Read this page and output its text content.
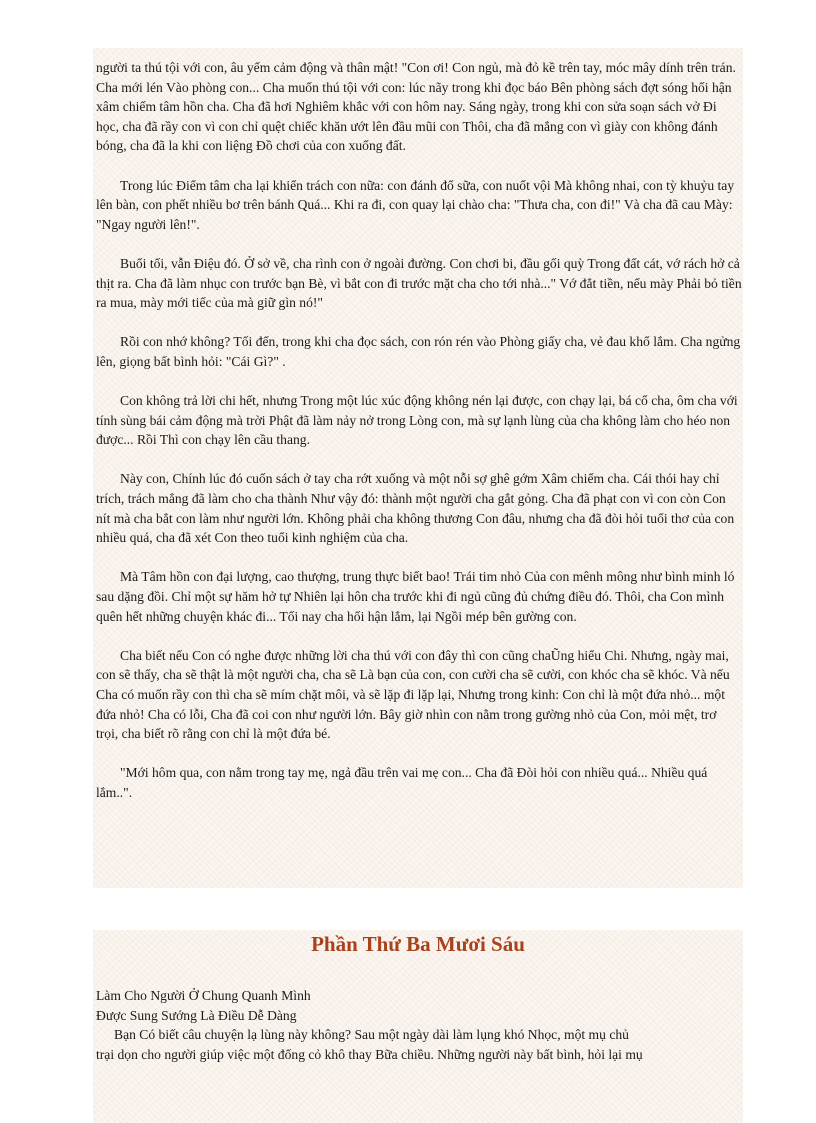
người ta thú tội với con, âu yếm cảm động và thân mật! "Con ơi! Con ngủ, mà đỏ kề trên tay, móc mây dính trên trán. Cha mới lén Vào phòng con... Cha muốn thú tội với con: lúc nãy trong khi đọc báo Bên phòng sách đợt sóng hối hận xâm chiếm tâm hồn cha. Cha đã hơi Nghiêm khắc với con hôm nay. Sáng ngày, trong khi con sửa soạn sách vở Đi học, cha đã rầy con vì con chỉ quệt chiếc khăn ướt lên đầu mũi con Thôi, cha đã mắng con vì giày con không đánh bóng, cha đã la khi con liệng Đồ chơi của con xuống đất.

Trong lúc Điểm tâm cha lại khiển trách con nữa: con đánh đổ sữa, con nuốt vội Mà không nhai, con tỳ khuỷu tay lên bàn, con phết nhiều bơ trên bánh Quá... Khi ra đi, con quay lại chào cha: "Thưa cha, con đi!" Và cha đã cau Mày: "Ngay người lên!".

Buổi tối, vẫn Điệu đó. Ở sở về, cha rình con ở ngoài đường. Con chơi bi, đầu gối quỳ Trong đất cát, vớ rách hở cả thịt ra. Cha đã làm nhục con trước bạn Bè, vì bắt con đi trước mặt cha cho tới nhà..." Vớ đắt tiền, nếu mày Phải bỏ tiền ra mua, mày mới tiếc của mà giữ gìn nó!"

Rồi con nhớ không? Tối đến, trong khi cha đọc sách, con rón rén vào Phòng giấy cha, vẻ đau khổ lắm. Cha ngửng lên, giọng bất bình hỏi: "Cái Gì?" .

Con không trả lời chi hết, nhưng Trong một lúc xúc động không nén lại được, con chạy lại, bá cổ cha, ôm cha với tính sùng bái cảm động mà trời Phật đã làm nảy nở trong Lòng con, mà sự lạnh lùng của cha không làm cho héo non được... Rồi Thì con chạy lên cầu thang.

Này con, Chính lúc đó cuốn sách ở tay cha rớt xuống và một nỗi sợ ghê gớm Xâm chiếm cha. Cái thói hay chỉ trích, trách mắng đã làm cho cha thành Như vậy đó: thành một người cha gắt gỏng. Cha đã phạt con vì con còn Con nít mà cha bắt con làm như người lớn. Không phải cha không thương Con đâu, nhưng cha đã đòi hỏi tuổi thơ của con nhiều quá, cha đã xét Con theo tuổi kinh nghiệm của cha.

Mà Tâm hồn con đại lượng, cao thượng, trung thực biết bao! Trái tim nhỏ Của con mênh mông như bình minh ló sau dặng đồi. Chỉ một sự hăm hở tự Nhiên lại hôn cha trước khi đi ngủ cũng đủ chứng điều đó. Thôi, cha Con mình quên hết những chuyện khác đi... Tối nay cha hối hận lắm, lại Ngồi mép bên gường con.

Cha biết nếu Con có nghe được những lời cha thú với con đây thì con cũng chaŨng hiểu Chi. Nhưng, ngày mai, con sẽ thấy, cha sẽ thật là một người cha, cha sẽ Là bạn của con, con cười cha sẽ cười, con khóc cha sẽ khóc. Và nếu Cha có muốn rầy con thì cha sẽ mím chặt môi, và sẽ lặp đi lặp lại, Nhưng trong kinh: Con chỉ là một đứa nhỏ... một đứa nhỏ! Cha có lỗi, Cha đã coi con như người lớn. Bây giờ nhìn con nằm trong gường nhỏ của Con, mỏi mệt, trơ trọi, cha biết rõ rằng con chỉ là một đứa bé.

"Mới hôm qua, con nằm trong tay mẹ, ngả đầu trên vai mẹ con... Cha đã Đòi hỏi con nhiều quá... Nhiều quá lắm..".

Phần Thứ Ba Mươi Sáu
Làm Cho Người Ở Chung Quanh Mình
Được Sung Sướng Là Điều Dễ Dàng
Bạn Có biết câu chuyện lạ lùng này không? Sau một ngày dài làm lụng khó Nhọc, một mụ chủ
trại dọn cho người giúp việc một đống cỏ khô thay Bữa chiều. Những người này bất bình, hỏi lại mụ
